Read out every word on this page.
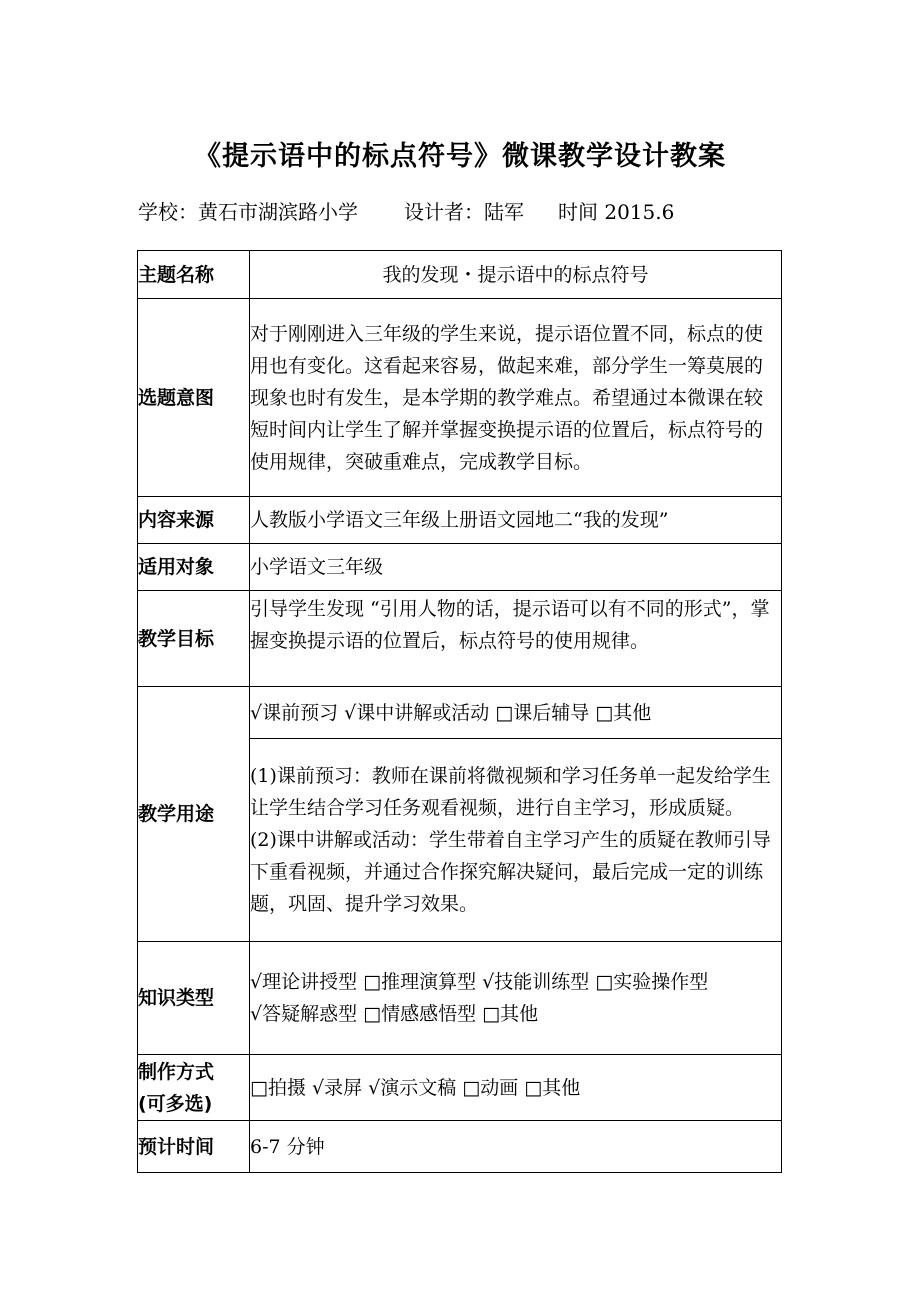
《提示语中的标点符号》微课教学设计教案
学校：黄石市湖滨路小学 设计者：陆军 时间 2015.6
主题名称	我的发现・提示语中的标点符号
选题意图	对于刚刚进入三年级的学生来说，提示语位置不同，标点的使用也有变化。这看起来容易，做起来难，部分学生一筹莫展的现象也时有发生，是本学期的教学难点。希望通过本微课在较短时间内让学生了解并掌握变换提示语的位置后，标点符号的使用规律，突破重难点，完成教学目标。
内容来源	人教版小学语文三年级上册语文园地二“我的发现”
适用对象	小学语文三年级
教学目标	引导学生发现 “引用人物的话，提示语可以有不同的形式”，掌握变换提示语的位置后，标点符号的使用规律。
教学用途	√课前预习 √课中讲解或活动 □课后辅导 □其他

	(1)课前预习：教师在课前将微视频和学习任务单一起发给学生让学生结合学习任务观看视频，进行自主学习，形成质疑。
(2)课中讲解或活动：学生带着自主学习产生的质疑在教师引导下重看视频，并通过合作探究解决疑问，最后完成一定的训练题，巩固、提升学习效果。

知识类型	√理论讲授型 □推理演算型 √技能训练型 □实验操作型
√答疑解惑型 □情感感悟型 □其他

制作方式
(可多选)	□拍摄 √录屏 √演示文稿 □动画 □其他
预计时间	6-7 分钟
